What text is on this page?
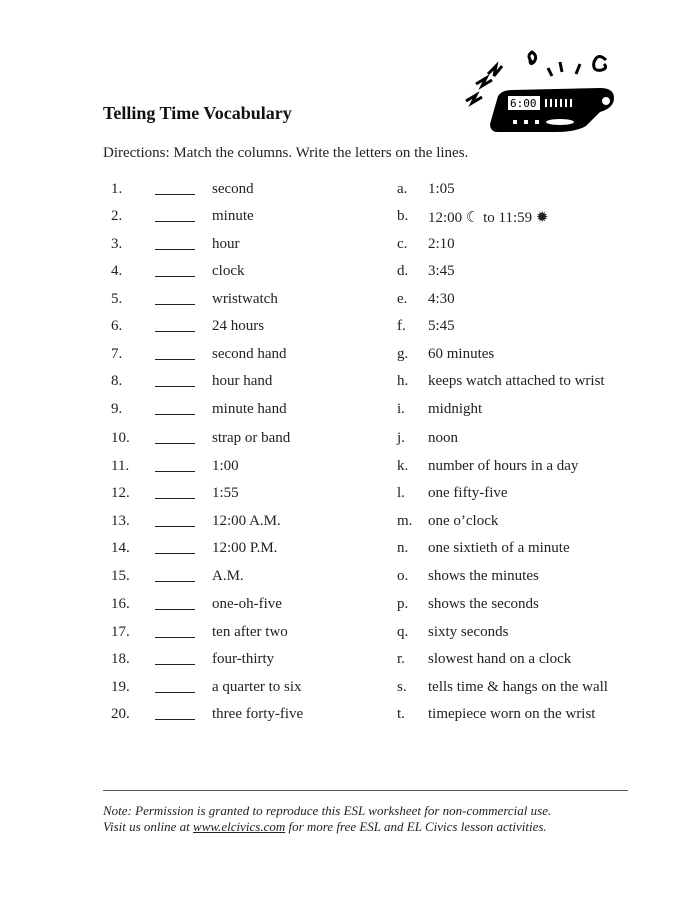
Telling Time Vocabulary	6:00
Directions: Match the columns. Write the letters on the lines.
1.	second	a. 1:05
2.	minute	b. 12:00 ☾ to 11:59 ✹
3.	hour	c. 2:10
4.	clock	d. 3:45
5.	wristwatch	e. 4:30
6.	24 hours	f. 5:45
7.	second hand	g. 60 minutes
8.	hour hand	h. keeps watch attached to wrist
9.	minute hand	i. midnight
10.	strap or band	j. noon
11.	1:00	k. number of hours in a day
12.	1:55	l. one fifty-five
13.	12:00 A.M.	m. one o’clock
14.	12:00 P.M.	n. one sixtieth of a minute
15.	A.M.	o. shows the minutes
16.	one-oh-five	p. shows the seconds
17.	ten after two	q. sixty seconds
18.	four-thirty	r. slowest hand on a clock
19.	a quarter to six	s. tells time & hangs on the wall
20.	three forty-five	t. timepiece worn on the wrist
Note: Permission is granted to reproduce this ESL worksheet for non-commercial use.
Visit us online at www.elcivics.com for more free ESL and EL Civics lesson activities.
